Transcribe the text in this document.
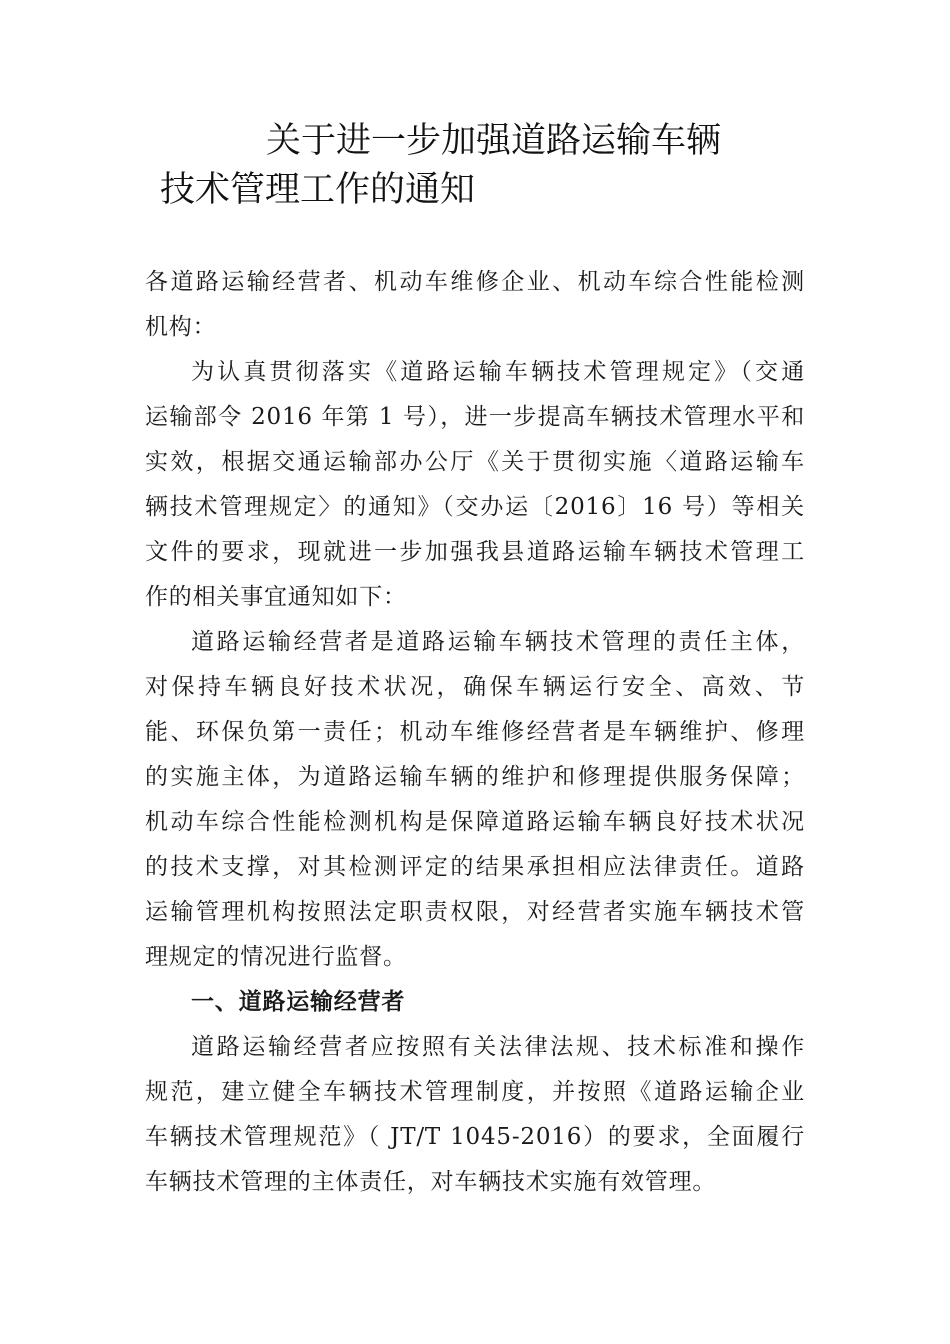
关于进一步加强道路运输车辆
技术管理工作的通知
各道路运输经营者、机动车维修企业、机动车综合性能检测
机构：
为认真贯彻落实《道路运输车辆技术管理规定》（交通
运输部令 2016 年第 1 号），进一步提高车辆技术管理水平和
实效，根据交通运输部办公厅《关于贯彻实施〈道路运输车
辆技术管理规定〉的通知》（交办运〔2016〕16 号）等相关
文件的要求，现就进一步加强我县道路运输车辆技术管理工
作的相关事宜通知如下：
道路运输经营者是道路运输车辆技术管理的责任主体，
对保持车辆良好技术状况，确保车辆运行安全、高效、节
能、环保负第一责任；机动车维修经营者是车辆维护、修理
的实施主体，为道路运输车辆的维护和修理提供服务保障；
机动车综合性能检测机构是保障道路运输车辆良好技术状况
的技术支撑，对其检测评定的结果承担相应法律责任。道路
运输管理机构按照法定职责权限，对经营者实施车辆技术管
理规定的情况进行监督。
一、道路运输经营者
道路运输经营者应按照有关法律法规、技术标准和操作
规范，建立健全车辆技术管理制度，并按照《道路运输企业
车辆技术管理规范》（ JT/T 1045-2016）的要求，全面履行
车辆技术管理的主体责任，对车辆技术实施有效管理。
